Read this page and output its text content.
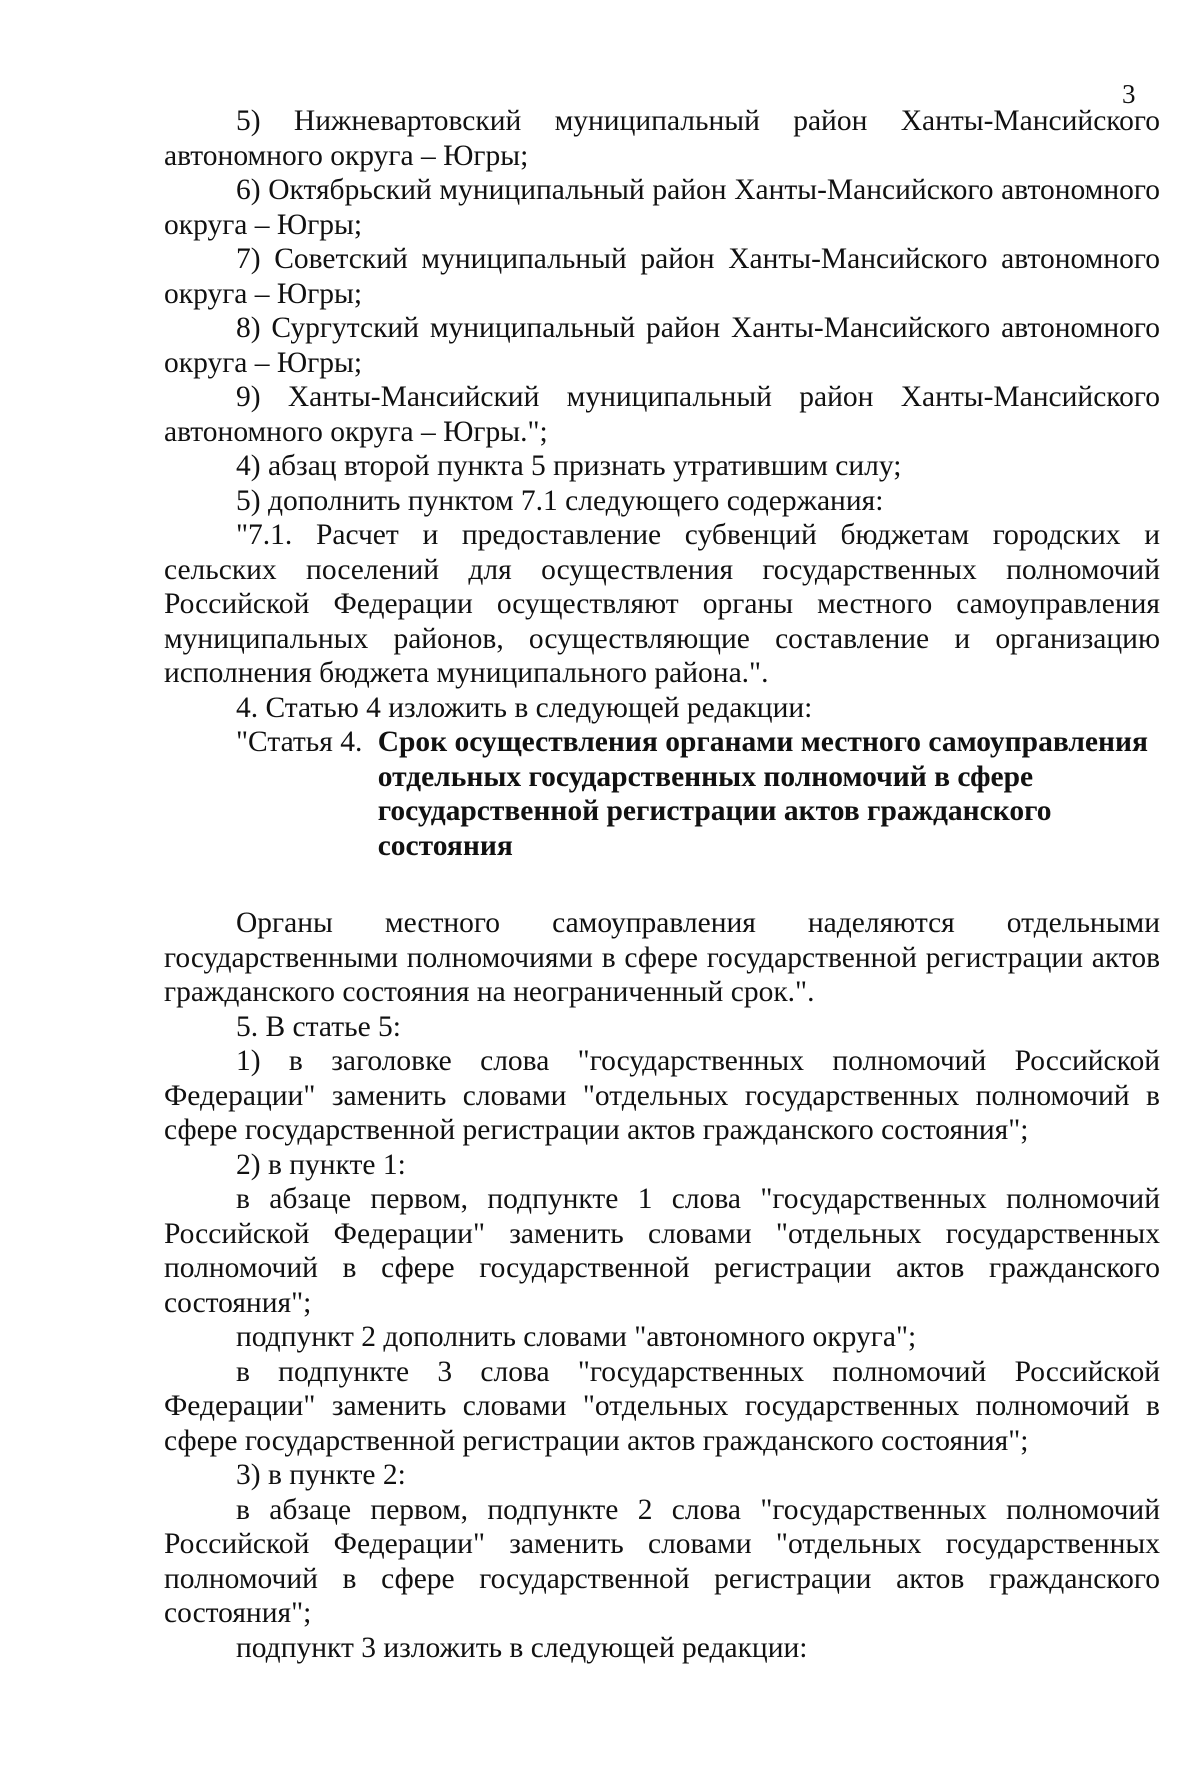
3

5) Нижневартовский муниципальный район Ханты-Мансийского автономного округа – Югры;

6) Октябрьский муниципальный район Ханты-Мансийского автономного округа – Югры;

7) Советский муниципальный район Ханты-Мансийского автономного округа – Югры;

8) Сургутский муниципальный район Ханты-Мансийского автономного округа – Югры;

9) Ханты-Мансийский муниципальный район Ханты-Мансийского автономного округа – Югры.";

4) абзац второй пункта 5 признать утратившим силу;

5) дополнить пунктом 7.1 следующего содержания:

"7.1. Расчет и предоставление субвенций бюджетам городских и сельских поселений для осуществления государственных полномочий Российской Федерации осуществляют органы местного самоуправления муниципальных районов, осуществляющие составление и организацию исполнения бюджета муниципального района.".

4. Статью 4 изложить в следующей редакции:

"Статья 4. Срок осуществления органами местного самоуправления отдельных государственных полномочий в сфере государственной регистрации актов гражданского состояния

Органы местного самоуправления наделяются отдельными государственными полномочиями в сфере государственной регистрации актов гражданского состояния на неограниченный срок.".

5. В статье 5:

1) в заголовке слова "государственных полномочий Российской Федерации" заменить словами "отдельных государственных полномочий в сфере государственной регистрации актов гражданского состояния";

2) в пункте 1:

в абзаце первом, подпункте 1 слова "государственных полномочий Российской Федерации" заменить словами "отдельных государственных полномочий в сфере государственной регистрации актов гражданского состояния";

подпункт 2 дополнить словами "автономного округа";

в подпункте 3 слова "государственных полномочий Российской Федерации" заменить словами "отдельных государственных полномочий в сфере государственной регистрации актов гражданского состояния";

3) в пункте 2:

в абзаце первом, подпункте 2 слова "государственных полномочий Российской Федерации" заменить словами "отдельных государственных полномочий в сфере государственной регистрации актов гражданского состояния";

подпункт 3 изложить в следующей редакции:
